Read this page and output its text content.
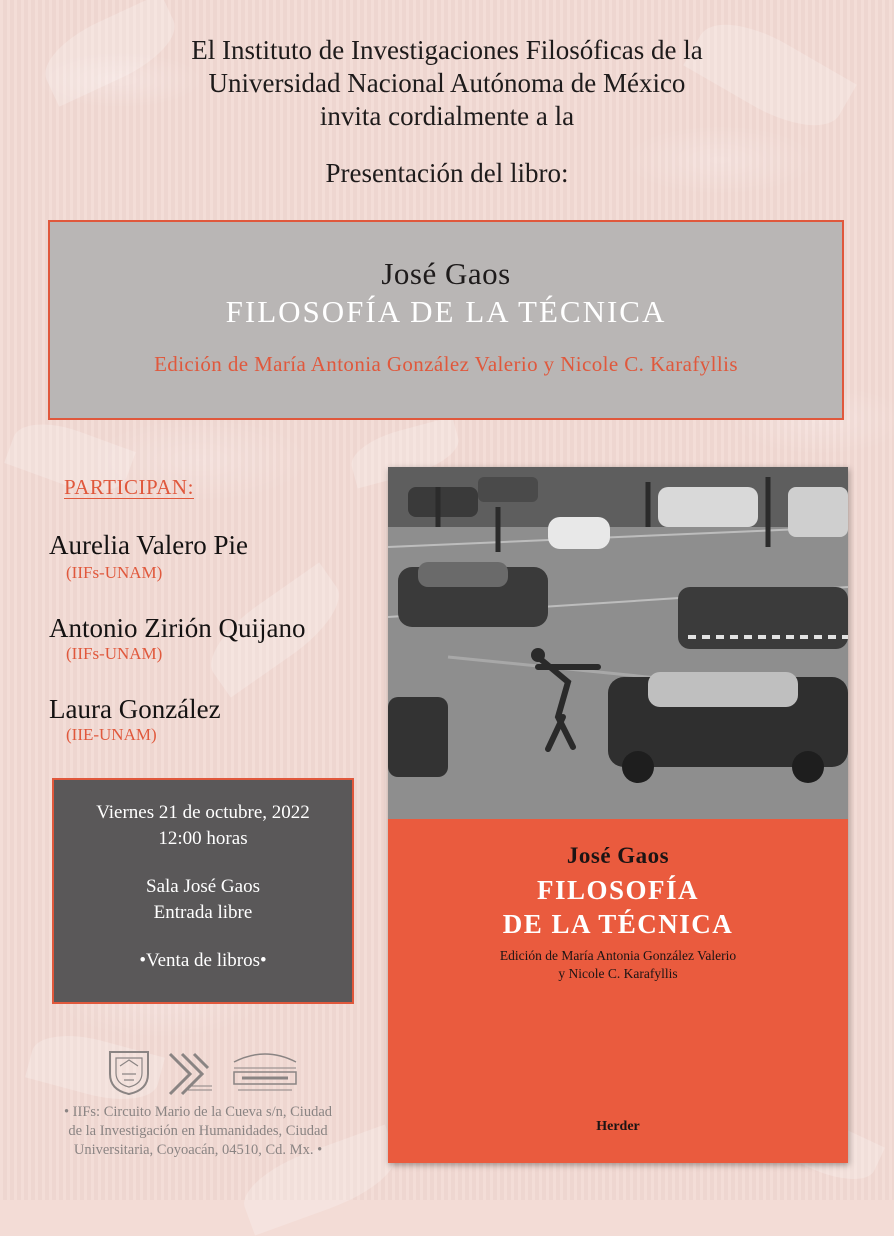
El Instituto de Investigaciones Filosóficas de la
Universidad Nacional Autónoma de México
invita cordialmente a la
Presentación del libro:
José Gaos
FILOSOFÍA DE LA TÉCNICA
Edición de María Antonia González Valerio y Nicole C. Karafyllis
PARTICIPAN:
Aurelia Valero Pie
(IIFs-UNAM)
Antonio Zirión Quijano
(IIFs-UNAM)
Laura González
(IIE-UNAM)
Viernes 21 de octubre, 2022
12:00 horas
Sala José Gaos
Entrada libre
•Venta de libros•
• IIFs: Circuito Mario de la Cueva s/n, Ciudad
de la Investigación en Humanidades, Ciudad
Universitaria, Coyoacán, 04510, Cd. Mx. •
José Gaos
FILOSOFÍA
DE LA TÉCNICA
Edición de María Antonia González Valerio
y Nicole C. Karafyllis
Herder
